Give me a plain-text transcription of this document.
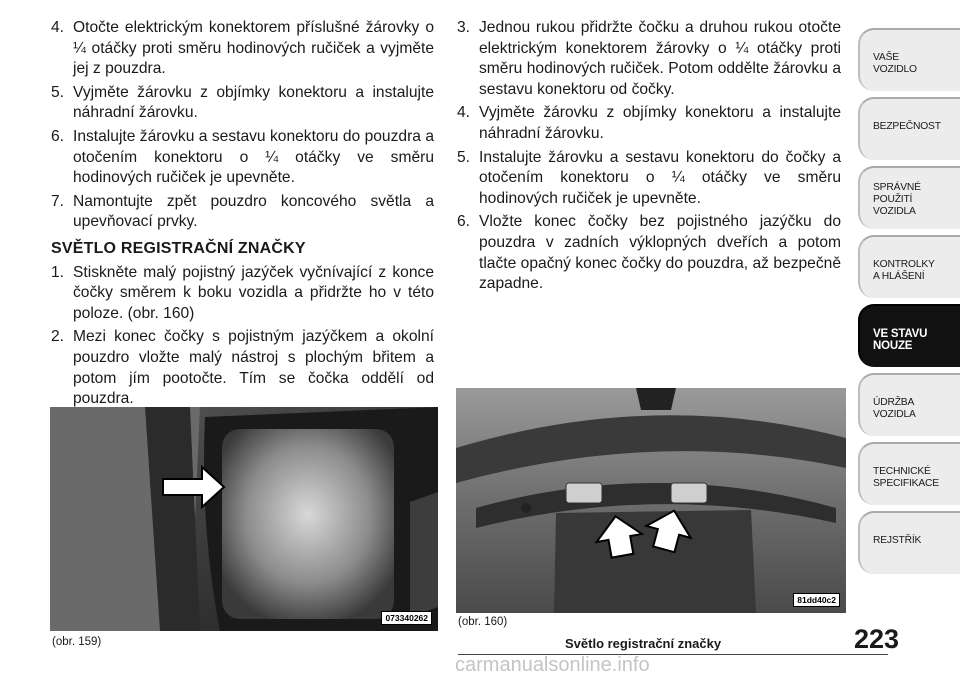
4. Otočte elektrickým konektorem příslušné žárovky o ¼ otáčky proti směru hodinových ručiček a vyjměte jej z pouzdra.
5. Vyjměte žárovku z objímky konektoru a instalujte náhradní žárovku.
6. Instalujte žárovku a sestavu konektoru do pouzdra a otočením konektoru o ¼ otáčky ve směru hodinových ručiček je upevněte.
7. Namontujte zpět pouzdro koncového světla a upevňovací prvky.
SVĚTLO REGISTRAČNÍ ZNAČKY
1. Stiskněte malý pojistný jazýček vyčnívající z konce čočky směrem k boku vozidla a přidržte ho v této poloze. (obr. 160)
2. Mezi konec čočky s pojistným jazýčkem a okolní pouzdro vložte malý nástroj s plochým břitem a potom jím pootočte. Tím se čočka oddělí od pouzdra.
3. Jednou rukou přidržte čočku a druhou rukou otočte elektrickým konektorem žárovky o ¼ otáčky proti směru hodinových ručiček. Potom oddělte žárovku a sestavu konektoru od čočky.
4. Vyjměte žárovku z objímky konektoru a instalujte náhradní žárovku.
5. Instalujte žárovku a sestavu konektoru do čočky a otočením konektoru o ¼ otáčky ve směru hodinových ručiček je upevněte.
6. Vložte konec čočky bez pojistného jazýčku do pouzdra v zadních výklopných dveřích a potom tlačte opačný konec čočky do pouzdra, až bezpečně zapadne.
073340262
(obr. 159)
81dd40c2
(obr. 160)
Světlo registrační značky	223
carmanualsonline.info
VAŠE
VOZIDLO
BEZPEČNOST
SPRÁVNÉ POUŽITÍ
VOZIDLA
KONTROLKY
A HLÁŠENÍ
VE STAVU
NOUZE
ÚDRŽBA
VOZIDLA
TECHNICKÉ
SPECIFIKACE
REJSTŘÍK
